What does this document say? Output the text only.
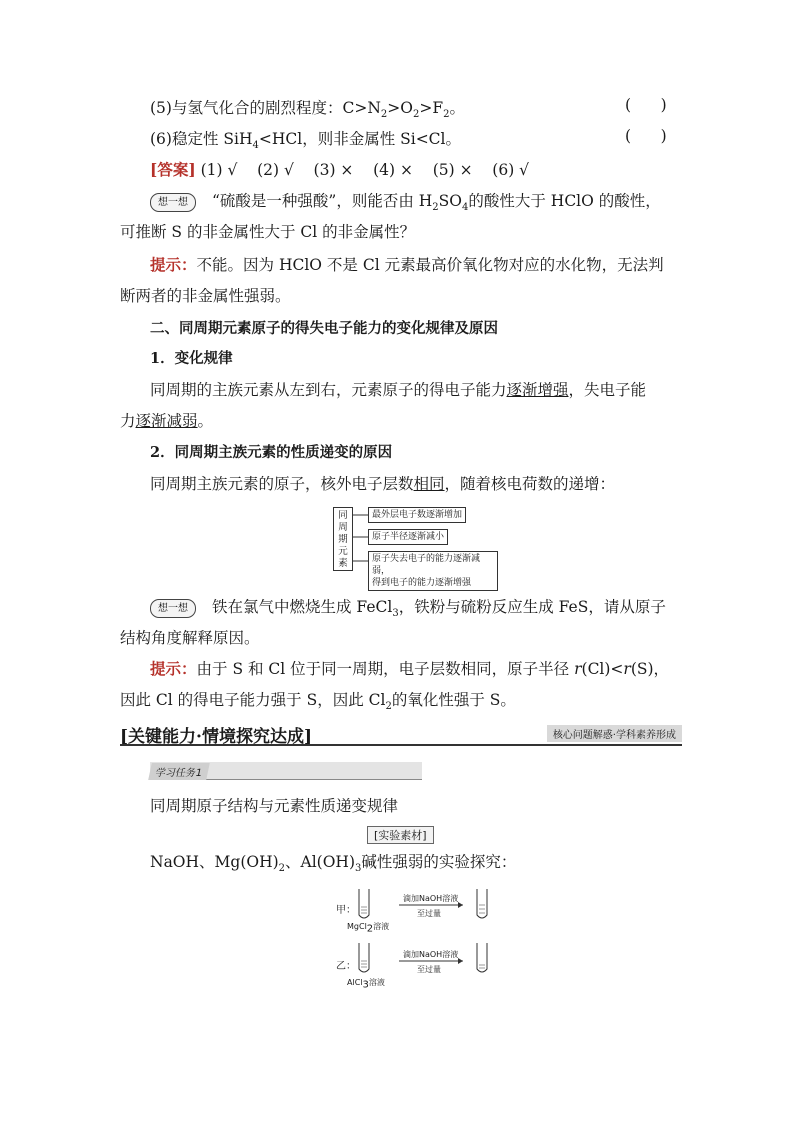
(5)与氢气化合的剧烈程度：$C>N_2>O_2>F_2$。	(      )
(6)稳定性 SiH$_4$<HCl，则非金属性 Si<Cl。	(      )
[答案] (1) √    (2) √    (3) ×    (4) ×    (5) ×    (6) √
想一想 “硫酸是一种强酸”，则能否由 $H_2SO_4$的酸性大于 HClO 的酸性，
可推断 S 的非金属性大于 Cl 的非金属性？
提示：不能。因为 HClO 不是 Cl 元素最高价氧化物对应的水化物，无法判
断两者的非金属性强弱。
二、同周期元素原子的得失电子能力的变化规律及原因
1．变化规律
同周期的主族元素从左到右，元素原子的得电子能力逐渐增强，失电子能
力逐渐减弱。
2．同周期主族元素的性质递变的原因
同周期主族元素的原子，核外电子层数相同，随着核电荷数的递增：
同周期元素
最外层电子数逐渐增加
原子半径逐渐减小
原子失去电子的能力逐渐减弱，
得到电子的能力逐渐增强
想一想 铁在氯气中燃烧生成 FeCl$_3$，铁粉与硫粉反应生成 FeS，请从原子
结构角度解释原因。
提示：由于 S 和 Cl 位于同一周期，电子层数相同，原子半径 r(Cl)<r(S)，
因此 Cl 的得电子能力强于 S，因此 $Cl_2$的氧化性强于 S。
[关键能力·情境探究达成]	核心问题解惑·学科素养形成
学习任务1
同周期原子结构与元素性质递变规律
[实验素材]
NaOH、$Mg(OH)_2$、$Al(OH)_3$碱性强弱的实验探究：
甲：
MgCl$_2$溶液
滴加NaOH溶液
至过量
乙：
AlCl$_3$溶液
滴加NaOH溶液
至过量
